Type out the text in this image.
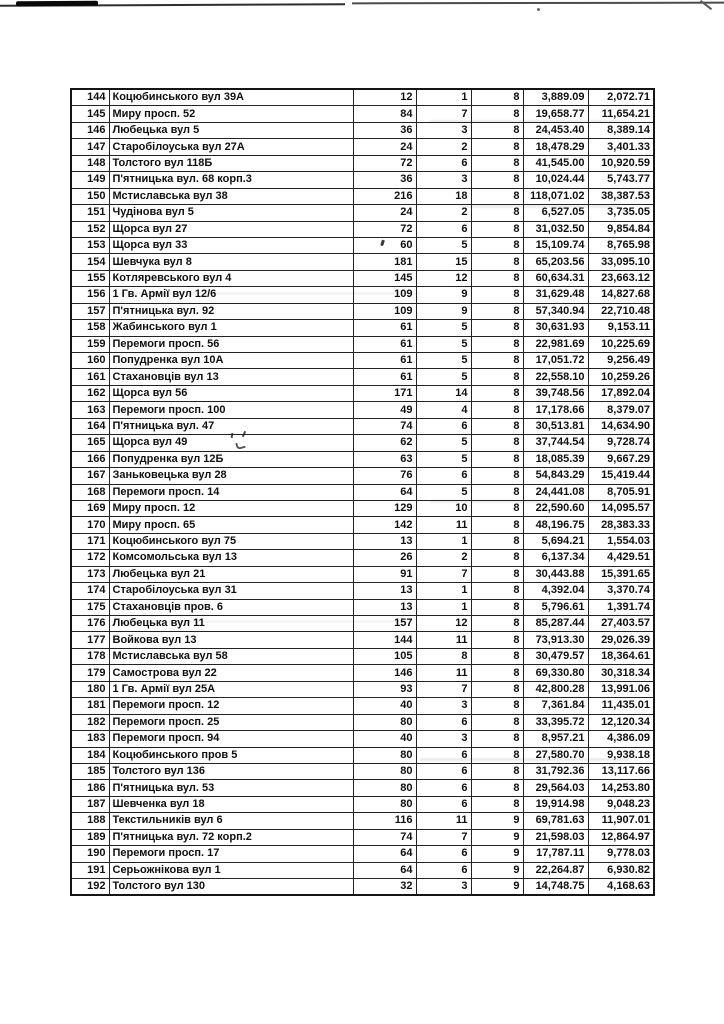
144	Коцюбинського вул 39А	12	1	8	3,889.09	2,072.71
145	Миру просп. 52	84	7	8	19,658.77	11,654.21
146	Любецька вул 5	36	3	8	24,453.40	8,389.14
147	Старобілоуська вул 27А	24	2	8	18,478.29	3,401.33
148	Толстого вул 118Б	72	6	8	41,545.00	10,920.59
149	П'ятницька вул. 68 корп.3	36	3	8	10,024.44	5,743.77
150	Мстиславська вул 38	216	18	8	118,071.02	38,387.53
151	Чудінова вул 5	24	2	8	6,527.05	3,735.05
152	Щорса вул 27	72	6	8	31,032.50	9,854.84
153	Щорса вул 33	60	5	8	15,109.74	8,765.98
154	Шевчука вул 8	181	15	8	65,203.56	33,095.10
155	Котляревського вул 4	145	12	8	60,634.31	23,663.12
156	1 Гв. Армії вул 12/6	109	9	8	31,629.48	14,827.68
157	П'ятницька вул. 92	109	9	8	57,340.94	22,710.48
158	Жабинського вул 1	61	5	8	30,631.93	9,153.11
159	Перемоги просп. 56	61	5	8	22,981.69	10,225.69
160	Попудренка вул 10А	61	5	8	17,051.72	9,256.49
161	Стахановців вул 13	61	5	8	22,558.10	10,259.26
162	Щорса вул 56	171	14	8	39,748.56	17,892.04
163	Перемоги просп. 100	49	4	8	17,178.66	8,379.07
164	П'ятницька вул. 47	74	6	8	30,513.81	14,634.90
165	Щорса вул 49	62	5	8	37,744.54	9,728.74
166	Попудренка вул 12Б	63	5	8	18,085.39	9,667.29
167	Заньковецька вул 28	76	6	8	54,843.29	15,419.44
168	Перемоги просп. 14	64	5	8	24,441.08	8,705.91
169	Миру просп. 12	129	10	8	22,590.60	14,095.57
170	Миру просп. 65	142	11	8	48,196.75	28,383.33
171	Коцюбинського вул 75	13	1	8	5,694.21	1,554.03
172	Комсомольська вул 13	26	2	8	6,137.34	4,429.51
173	Любецька вул 21	91	7	8	30,443.88	15,391.65
174	Старобілоуська вул 31	13	1	8	4,392.04	3,370.74
175	Стахановців пров. 6	13	1	8	5,796.61	1,391.74
176	Любецька вул 11	157	12	8	85,287.44	27,403.57
177	Войкова вул 13	144	11	8	73,913.30	29,026.39
178	Мстиславська вул 58	105	8	8	30,479.57	18,364.61
179	Самострова вул 22	146	11	8	69,330.80	30,318.34
180	1 Гв. Армії вул 25А	93	7	8	42,800.28	13,991.06
181	Перемоги просп. 12	40	3	8	7,361.84	11,435.01
182	Перемоги просп. 25	80	6	8	33,395.72	12,120.34
183	Перемоги просп. 94	40	3	8	8,957.21	4,386.09
184	Коцюбинського пров 5	80	6	8	27,580.70	9,938.18
185	Толстого вул 136	80	6	8	31,792.36	13,117.66
186	П'ятницька вул. 53	80	6	8	29,564.03	14,253.80
187	Шевченка вул 18	80	6	8	19,914.98	9,048.23
188	Текстильників вул 6	116	11	9	69,781.63	11,907.01
189	П'ятницька вул. 72 корп.2	74	7	9	21,598.03	12,864.97
190	Перемоги просп. 17	64	6	9	17,787.11	9,778.03
191	Серьожнікова вул 1	64	6	9	22,264.87	6,930.82
192	Толстого вул 130	32	3	9	14,748.75	4,168.63
